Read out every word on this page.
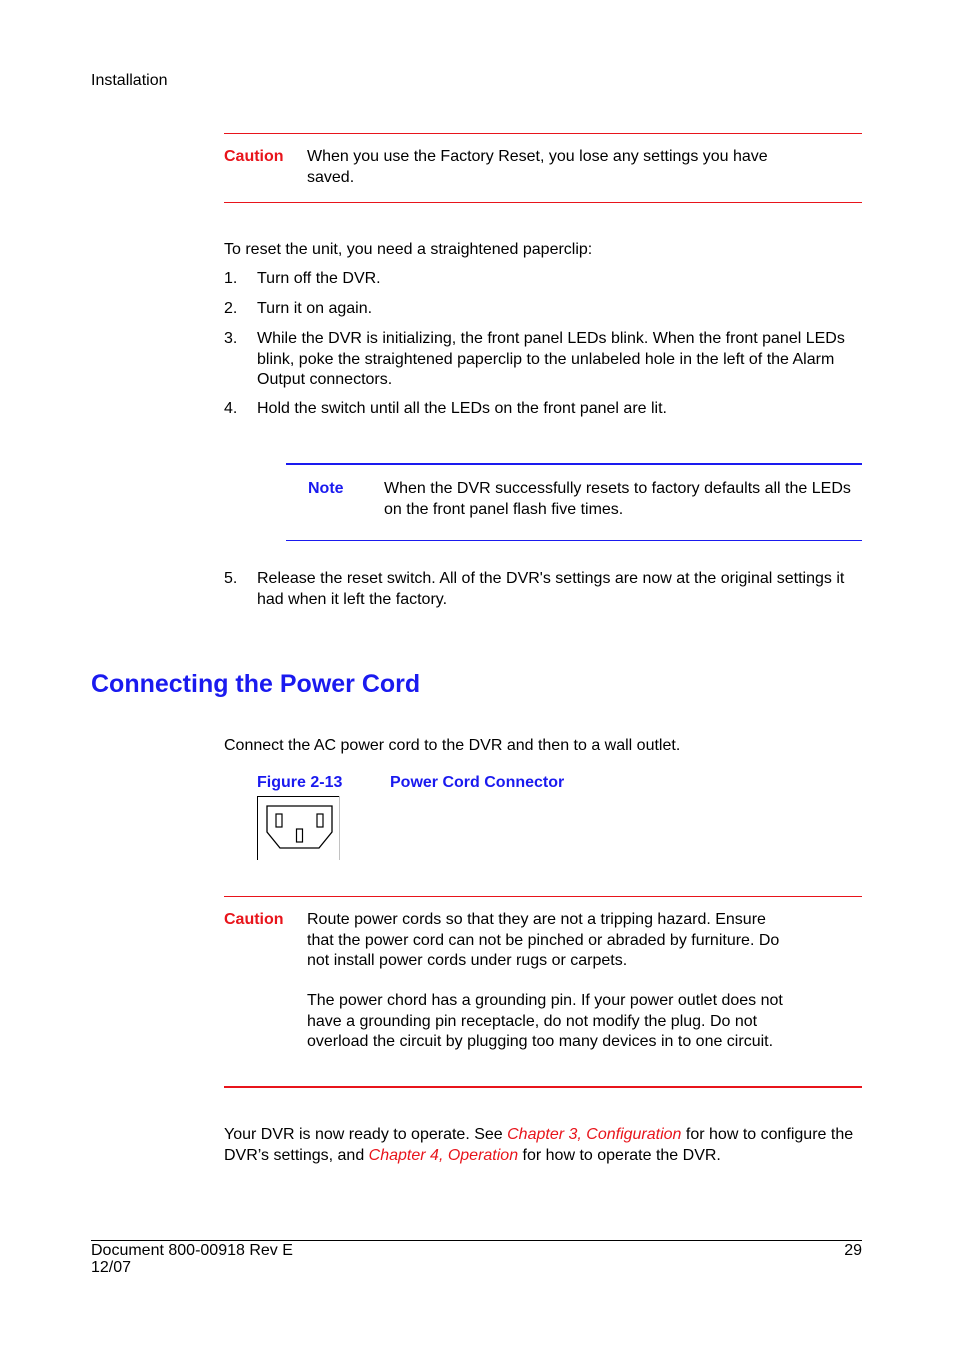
Installation
Caution When you use the Factory Reset, you lose any settings you have saved.
To reset the unit, you need a straightened paperclip:
1. Turn off the DVR.
2. Turn it on again.
3. While the DVR is initializing, the front panel LEDs blink. When the front panel LEDs blink, poke the straightened paperclip to the unlabeled hole in the left of the Alarm Output connectors.
4. Hold the switch until all the LEDs on the front panel are lit.
Note	When the DVR successfully resets to factory defaults all the LEDs on the front panel flash five times.
5. Release the reset switch. All of the DVR's settings are now at the original settings it had when it left the factory.
Connecting the Power Cord
Connect the AC power cord to the DVR and then to a wall outlet.
Figure 2-13	Power Cord Connector
Caution Route power cords so that they are not a tripping hazard. Ensure that the power cord can not be pinched or abraded by furniture. Do not install power cords under rugs or carpets.
The power chord has a grounding pin. If your power outlet does not have a grounding pin receptacle, do not modify the plug. Do not overload the circuit by plugging too many devices in to one circuit.
Your DVR is now ready to operate. See Chapter 3, Configuration for how to configure the DVR’s settings, and Chapter 4, Operation for how to operate the DVR.
Document 800-00918 Rev E
12/07
29
